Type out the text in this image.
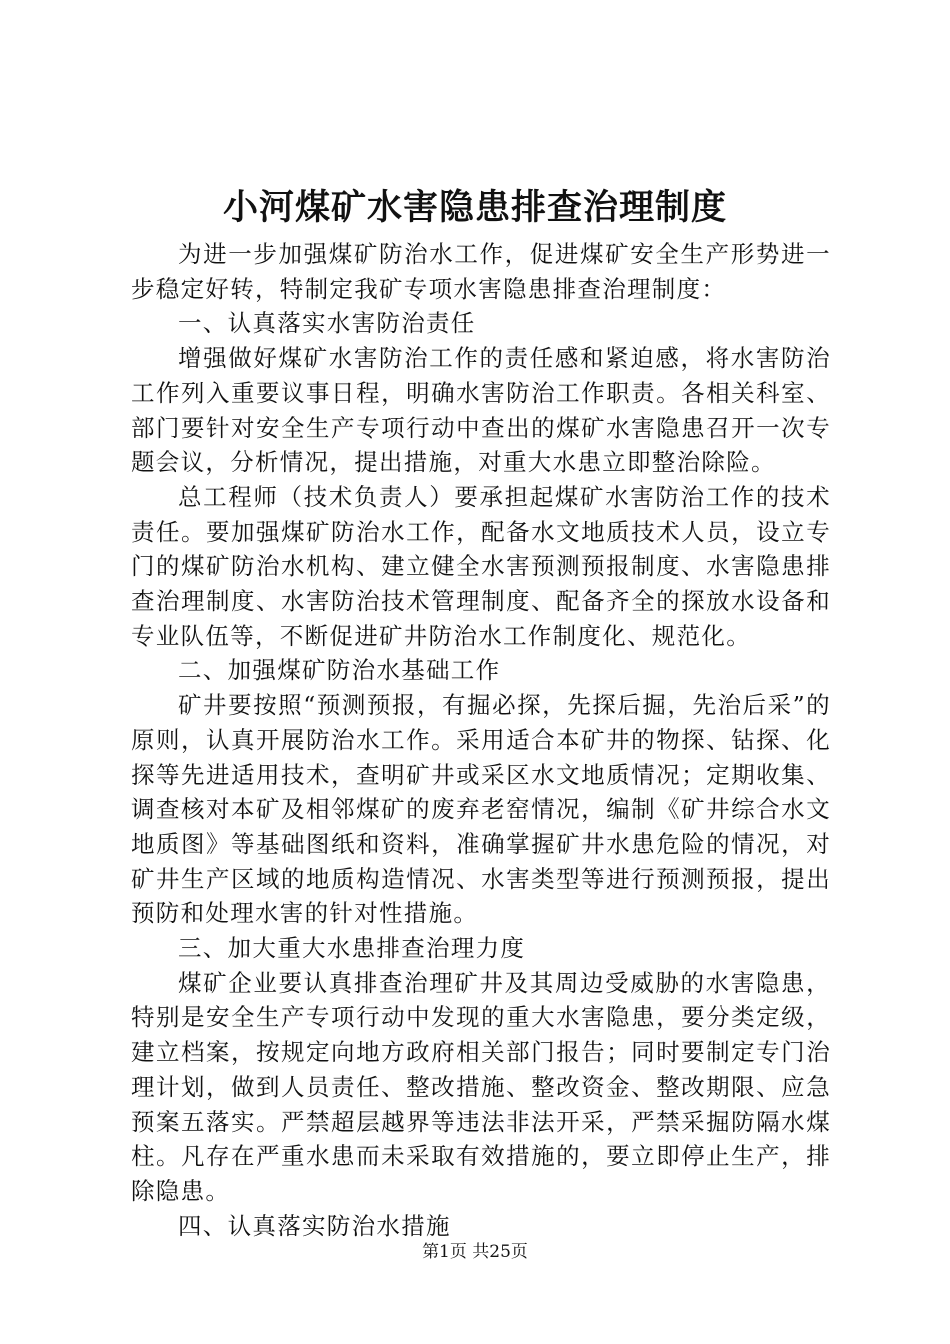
小河煤矿水害隐患排查治理制度

为进一步加强煤矿防治水工作，促进煤矿安全生产形势进一步稳定好转，特制定我矿专项水害隐患排查治理制度：

一、认真落实水害防治责任

增强做好煤矿水害防治工作的责任感和紧迫感，将水害防治工作列入重要议事日程，明确水害防治工作职责。各相关科室、部门要针对安全生产专项行动中查出的煤矿水害隐患召开一次专题会议，分析情况，提出措施，对重大水患立即整治除险。

总工程师（技术负责人）要承担起煤矿水害防治工作的技术责任。要加强煤矿防治水工作，配备水文地质技术人员，设立专门的煤矿防治水机构、建立健全水害预测预报制度、水害隐患排查治理制度、水害防治技术管理制度、配备齐全的探放水设备和专业队伍等，不断促进矿井防治水工作制度化、规范化。

二、加强煤矿防治水基础工作

矿井要按照“预测预报，有掘必探，先探后掘，先治后采”的原则，认真开展防治水工作。采用适合本矿井的物探、钻探、化探等先进适用技术，查明矿井或采区水文地质情况；定期收集、调查核对本矿及相邻煤矿的废弃老窑情况，编制《矿井综合水文地质图》等基础图纸和资料，准确掌握矿井水患危险的情况，对矿井生产区域的地质构造情况、水害类型等进行预测预报，提出预防和处理水害的针对性措施。

三、加大重大水患排查治理力度

煤矿企业要认真排查治理矿井及其周边受威胁的水害隐患，特别是安全生产专项行动中发现的重大水害隐患，要分类定级，建立档案，按规定向地方政府相关部门报告；同时要制定专门治理计划，做到人员责任、整改措施、整改资金、整改期限、应急预案五落实。严禁超层越界等违法非法开采，严禁采掘防隔水煤柱。凡存在严重水患而未采取有效措施的，要立即停止生产，排除隐患。

四、认真落实防治水措施

第1页 共25页
